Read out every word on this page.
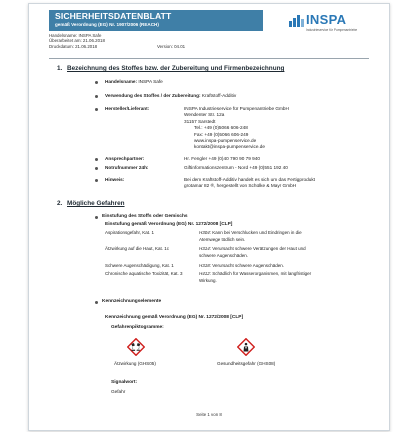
SICHERHEITSDATENBLATT
gemäß Verordnung (EG) Nr. 1907/2006 (REACH)
Handelsname: INSPA Safe
Überarbeitet am: 21.06.2018
Druckdatum: 21.06.2018	Version: 04.01
INSPA
Industrieservice für Pumpenantriebe
1. Bezeichnung des Stoffes bzw. der Zubereitung und Firmenbezeichnung
Handelsname: INSPA Safe
Verwendung des Stoffes / der Zubereitung: Kraftstoff-Additiv
Hersteller/Lieferant:	INSPA Industrieservice für Pumpenantriebe GmbH
Wendenter Str. 12a
31157 Sarstedt
Tel.: +49 (0)5066 606-248
Fax: +49 (0)5066 606-249
www.inspa-pumpenservice.de
kontakt@inspa-pumpenservice.de
Ansprechpartner:	Hr. Fengler +49 (0)40 790 90 79 940
Notrufnummer 24h:	Giftinformationszentrum - Nord +49 (0)551 192 40
Hinweis:	Bei dem Kraftstoff-Additiv handelt es sich um das Fertigprodukt
grotamar 82 ®, hergestellt von Schülke & Mayr GmbH
2. Mögliche Gefahren
Einstufung des Stoffs oder Gemischs
Einstufung gemäß Verordnung (EG) Nr. 1272/2008 [CLP]
Aspirationsgefahr, Kat. 1	H304: Kann bei Verschlucken und Eindringen in die
Atemwege tödlich sein.
Ätzwirkung auf die Haut, Kat. 1c	H314: Verursacht schwere Verätzungen der Haut und
schwere Augenschäden.
Schwere Augenschädigung, Kat. 1	H318: Verursacht schwere Augenschäden.
Chronische aquatische Toxizität, Kat. 3	H412: Schädlich für Wasserorganismen, mit langfristiger
Wirkung.
Kennzeichnungselemente
Kennzeichnung gemäß Verordnung (EG) Nr. 1272/2008 [CLP]
Gefahrenpiktogramme:
Ätzwirkung (GHS05)	Gesundheitsgefahr (GHS08)
Signalwort:
Gefahr
Seite 1 von 8
